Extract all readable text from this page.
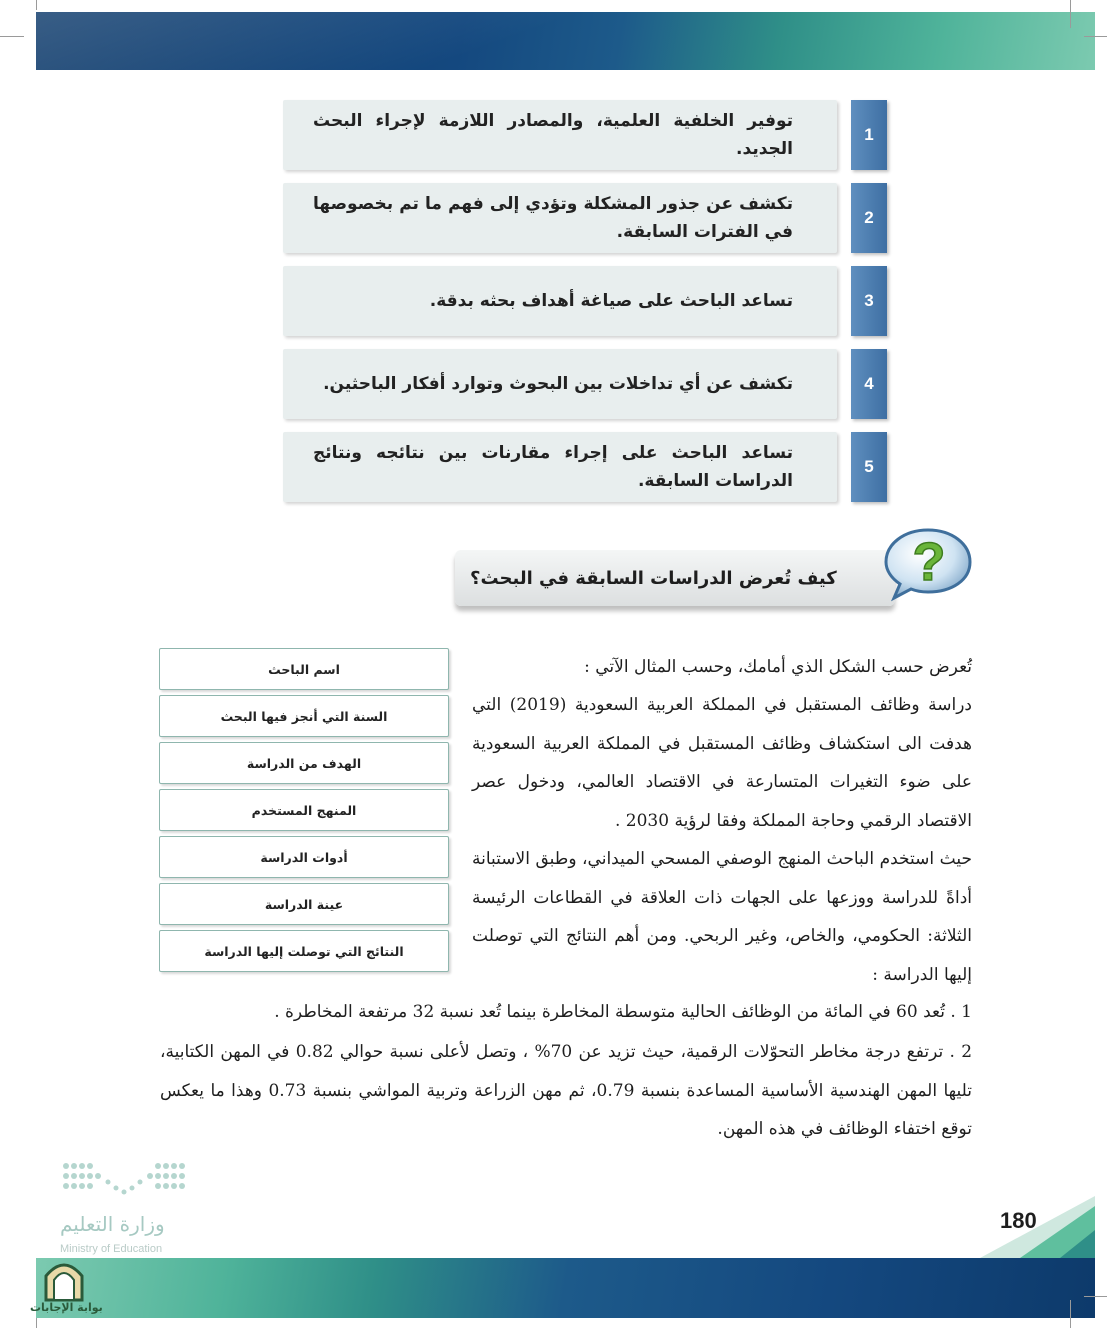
توفير الخلفية العلمية، والمصادر اللازمة لإجراء البحث الجديد.
1
تكشف عن جذور المشكلة وتؤدي إلى فهم ما تم بخصوصها في الفترات السابقة.
2
تساعد الباحث على صياغة أهداف بحثه بدقة.	3
تكشف عن أي تداخلات بين البحوث وتوارد أفكار الباحثين.	4
تساعد الباحث على إجراء مقارنات بين نتائجه ونتائج الدراسات السابقة.
5
كيف تُعرض الدراسات السابقة في البحث؟	?
اسم الباحث
السنة التي أنجز فيها البحث
الهدف من الدراسة
المنهج المستخدم
أدوات الدراسة
عينة الدراسة
النتائج التي توصلت إليها الدراسة
تُعرض حسب الشكل الذي أمامك، وحسب المثال الآتي :
دراسة وظائف المستقبل في المملكة العربية السعودية (2019) التي هدفت الى استكشاف وظائف المستقبل في المملكة العربية السعودية على ضوء التغيرات المتسارعة في الاقتصاد العالمي، ودخول عصر الاقتصاد الرقمي وحاجة المملكة وفقا لرؤية 2030 .
حيث استخدم الباحث المنهج الوصفي المسحي الميداني، وطبق الاستبانة أداةً للدراسة ووزعها على الجهات ذات العلاقة في القطاعات الرئيسة الثلاثة: الحكومي، والخاص، وغير الربحي. ومن أهم النتائج التي توصلت إليها الدراسة :
1 . تُعد 60 في المائة من الوظائف الحالية متوسطة المخاطرة بينما تُعد نسبة 32 مرتفعة المخاطرة .
2 . ترتفع درجة مخاطر التحوّلات الرقمية، حيث تزيد عن 70% ، وتصل لأعلى نسبة حوالي 0.82 في المهن الكتابية، تليها المهن الهندسية الأساسية المساعدة بنسبة 0.79، ثم مهن الزراعة وتربية المواشي بنسبة 0.73 وهذا ما يعكس توقع اختفاء الوظائف في هذه المهن.
180
وزارة التعليم
Ministry of Education
بوابة الإجابات
